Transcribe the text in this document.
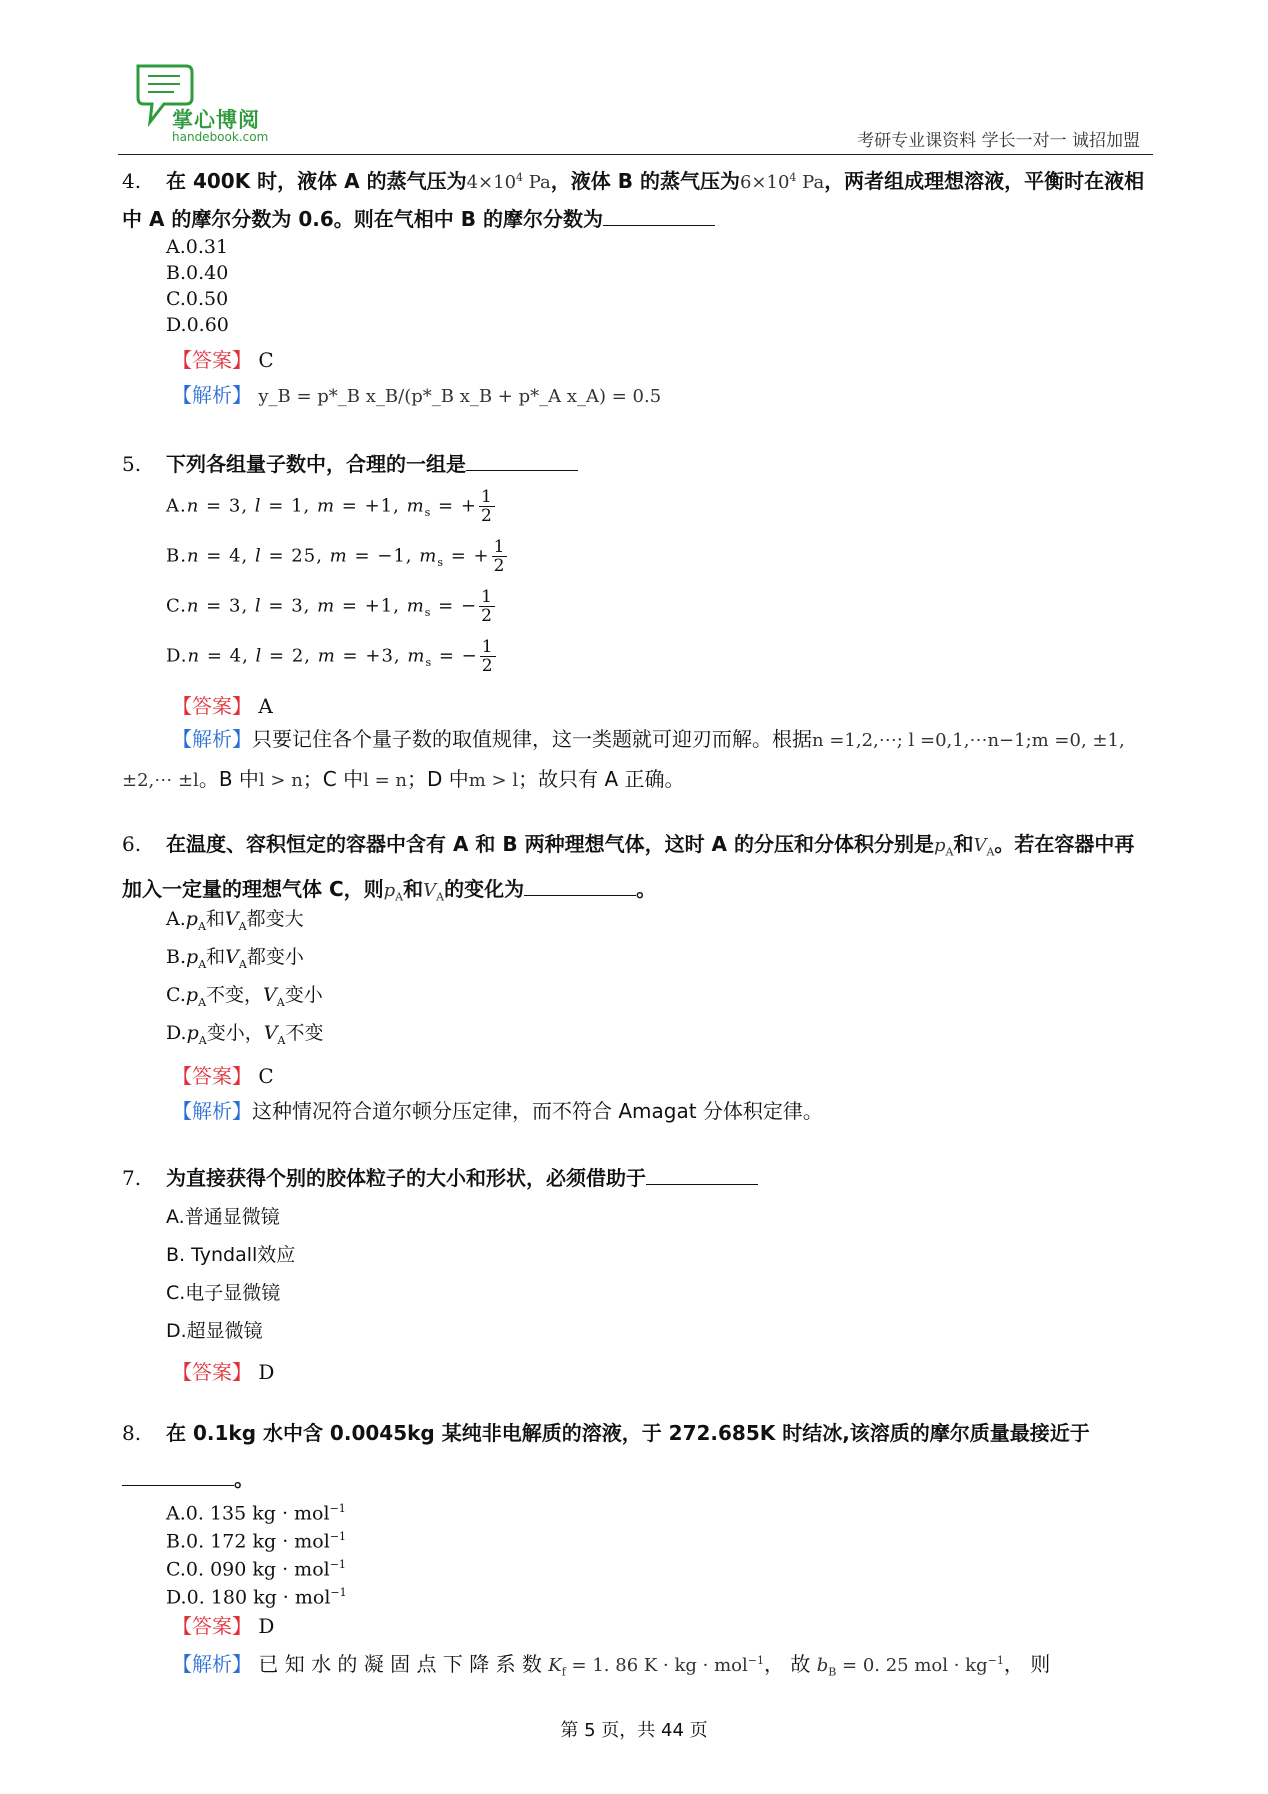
掌心博阅
handebook.com	考研专业课资料 学长一对一 诚招加盟
4. 在 400K 时，液体 A 的蒸气压为$4\times 10^4$ Pa，液体 B 的蒸气压为$6\times 10^4$ Pa，两者组成理想溶液，平衡时在液相中 A 的摩尔分数为 0.6。则在气相中 B 的摩尔分数为
A.0.31
B.0.40
C.0.50
D.0.60
【答案】 C
【解析】 y_B = p*_B x_B/(p*_B x_B + p*_A x_A) = 0.5
5. 下列各组量子数中，合理的一组是
A.n = 3, l = 1, m = +1, $m_s$ = + $\frac{1}{2}$
B.n = 4, l = 25, m = −1, $m_s$ = + $\frac{1}{2}$
C.n = 3, l = 3, m = +1, $m_s$ = − $\frac{1}{2}$
D.n = 4, l = 2, m = +3, $m_s$ = − $\frac{1}{2}$
【答案】 A
【解析】只要记住各个量子数的取值规律，这一类题就可迎刃而解。根据n =1,2,⋯; l =0,1,⋯n−1;m =0, ±1, ±2,⋯ ±l。B 中l > n；C 中l = n；D 中m > l；故只有 A 正确。
6. 在温度、容积恒定的容器中含有 A 和 B 两种理想气体，这时 A 的分压和分体积分别是$p_A$和$V_A$。若在容器中再加入一定量的理想气体 C，则$p_A$和$V_A$的变化为	。
$A.p_A$和$V_A$都变大
$B.p_A$和$V_A$都变小
$C.p_A$不变，$V_A$变小
$D.p_A$变小，$V_A$不变
【答案】 C
【解析】这种情况符合道尔顿分压定律，而不符合 Amagat 分体积定律。
7. 为直接获得个别的胶体粒子的大小和形状，必须借助于
A.普通显微镜
B. Tyndall效应
C.电子显微镜
D.超显微镜
【答案】 D
8. 在 0.1kg 水中含 0.0045kg 某纯非电解质的溶液，于 272.685K 时结冰,该溶质的摩尔质量最接近于
。
A.0. 135 kg · mol$^{-1}$
B.0. 172 kg · mol$^{-1}$
C.0. 090 kg · mol$^{-1}$
D.0. 180 kg · mol$^{-1}$
【答案】 D
【解析】 已 知 水 的 凝 固 点 下 降 系 数 $K_f = 1$. 86 K · kg · mol$^{-1}$， 故 $b_B = 0$. 25 mol · $kg^{-1}$， 则
第 5 页，共 44 页
